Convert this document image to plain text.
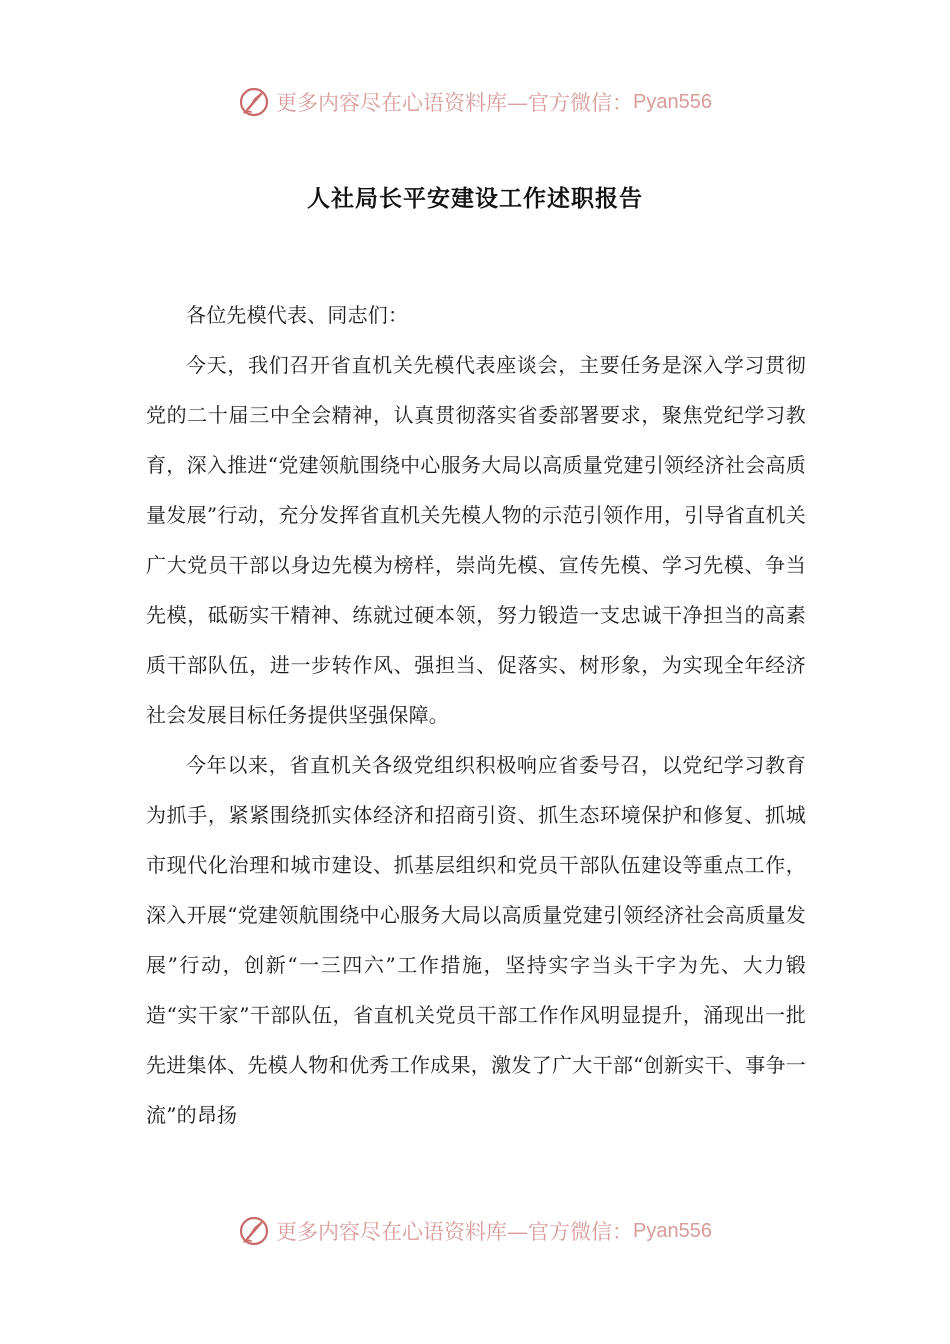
更多内容尽在心语资料库—官方微信： Pyan556
人社局长平安建设工作述职报告

各位先模代表、同志们：

今天，我们召开省直机关先模代表座谈会，主要任务是深入学习贯彻党的二十届三中全会精神，认真贯彻落实省委部署要求，聚焦党纪学习教育，深入推进“党建领航围绕中心服务大局以高质量党建引领经济社会高质量发展”行动，充分发挥省直机关先模人物的示范引领作用，引导省直机关广大党员干部以身边先模为榜样，崇尚先模、宣传先模、学习先模、争当先模，砥砺实干精神、练就过硬本领，努力锻造一支忠诚干净担当的高素质干部队伍，进一步转作风、强担当、促落实、树形象，为实现全年经济社会发展目标任务提供坚强保障。

今年以来，省直机关各级党组织积极响应省委号召，以党纪学习教育为抓手，紧紧围绕抓实体经济和招商引资、抓生态环境保护和修复、抓城市现代化治理和城市建设、抓基层组织和党员干部队伍建设等重点工作，深入开展“党建领航围绕中心服务大局以高质量党建引领经济社会高质量发展”行动，创新“一三四六”工作措施，坚持实字当头干字为先、大力锻造“实干家”干部队伍，省直机关党员干部工作作风明显提升，涌现出一批先进集体、先模人物和优秀工作成果，激发了广大干部“创新实干、事争一流”的昂扬

更多内容尽在心语资料库—官方微信： Pyan556
